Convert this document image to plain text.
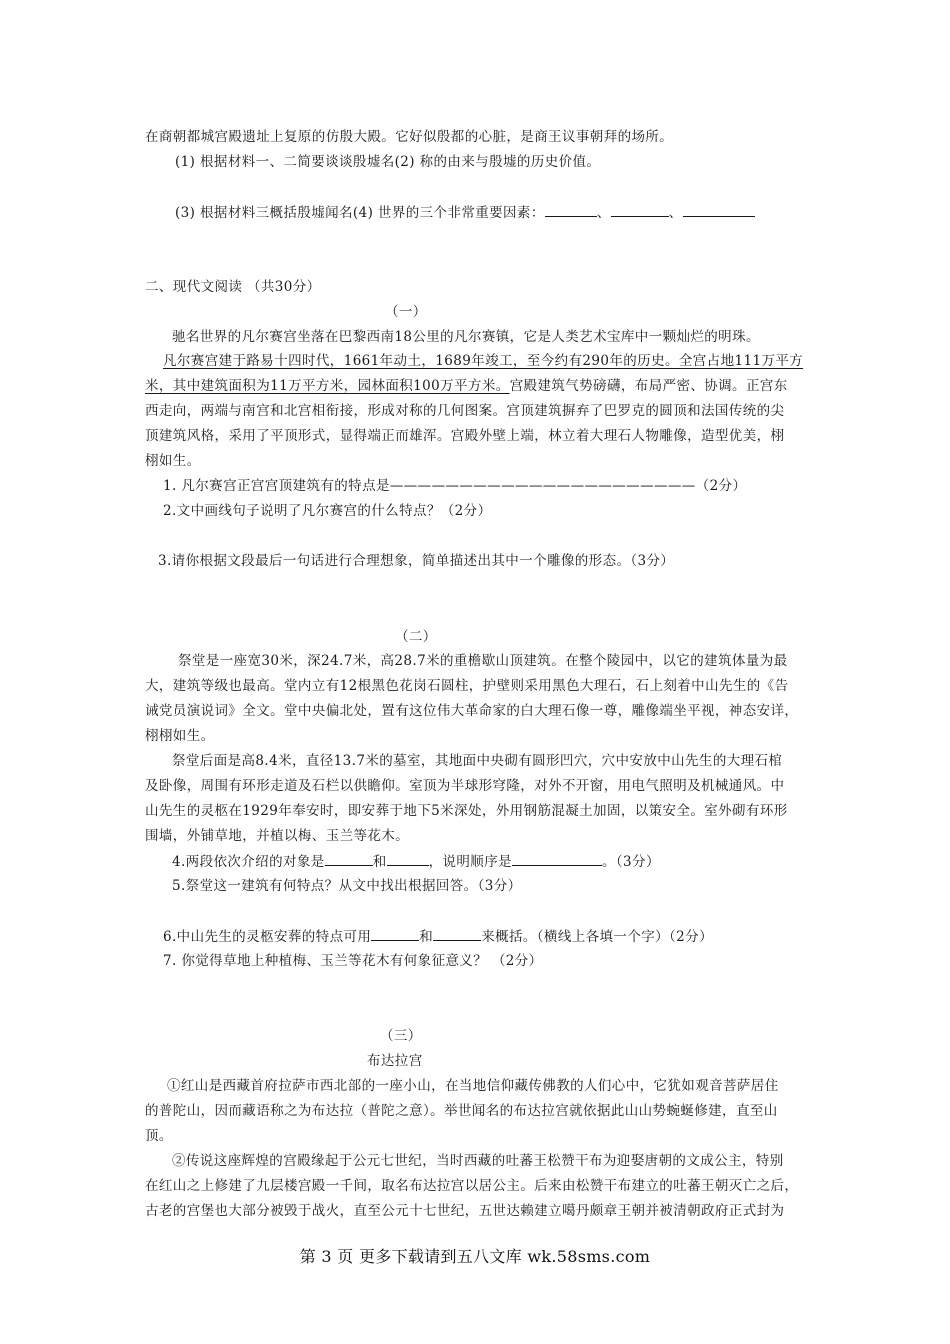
在商朝都城宫殿遗址上复原的仿殷大殿。它好似殷都的心脏，是商王议事朝拜的场所。
(1) 根据材料一、二简要谈谈殷墟名(2) 称的由来与殷墟的历史价值。
(3) 根据材料三概括殷墟闻名(4) 世界的三个非常重要因素：	、	、
二、现代文阅读 （共30分）
（一）
驰名世界的凡尔赛宫坐落在巴黎西南18公里的凡尔赛镇，它是人类艺术宝库中一颗灿烂的明珠。
凡尔赛宫建于路易十四时代，1661年动土，1689年竣工，至今约有290年的历史。全宫占地111万平方
米，其中建筑面积为11万平方米，园林面积100万平方米。宫殿建筑气势磅礴，布局严密、协调。正宫东
西走向，两端与南宫和北宫相衔接，形成对称的几何图案。宫顶建筑摒弃了巴罗克的圆顶和法国传统的尖
顶建筑风格，采用了平顶形式，显得端正而雄浑。宫殿外壁上端，林立着大理石人物雕像，造型优美，栩
栩如生。
1. 凡尔赛宫正宫宫顶建筑有的特点是——————————————————————（2分）
2.文中画线句子说明了凡尔赛宫的什么特点？（2分）
3.请你根据文段最后一句话进行合理想象，简单描述出其中一个雕像的形态。（3分）
（二）
祭堂是一座宽30米，深24.7米，高28.7米的重檐歇山顶建筑。在整个陵园中，以它的建筑体量为最
大，建筑等级也最高。堂内立有12根黑色花岗石圆柱，护壁则采用黑色大理石，石上刻着中山先生的《告
诫党员演说词》全文。堂中央偏北处，置有这位伟大革命家的白大理石像一尊，雕像端坐平视，神态安详，
栩栩如生。
祭堂后面是高8.4米，直径13.7米的墓室，其地面中央砌有圆形凹穴，穴中安放中山先生的大理石棺
及卧像，周围有环形走道及石栏以供瞻仰。室顶为半球形穹隆，对外不开窗，用电气照明及机械通风。中
山先生的灵柩在1929年奉安时，即安葬于地下5米深处，外用钢筋混凝土加固，以策安全。室外砌有环形
围墙，外铺草地，并植以梅、玉兰等花木。
4.两段依次介绍的对象是	和	，说明顺序是	。（3分）
5.祭堂这一建筑有何特点？从文中找出根据回答。（3分）
6.中山先生的灵柩安葬的特点可用	和	来概括。（横线上各填一个字）（2分）
7. 你觉得草地上种植梅、玉兰等花木有何象征意义？ （2分）
（三）
布达拉宫
①红山是西藏首府拉萨市西北部的一座小山，在当地信仰藏传佛教的人们心中，它犹如观音菩萨居住
的普陀山，因而藏语称之为布达拉（普陀之意）。举世闻名的布达拉宫就依据此山山势蜿蜒修建，直至山
顶。
②传说这座辉煌的宫殿缘起于公元七世纪，当时西藏的吐蕃王松赞干布为迎娶唐朝的文成公主，特别
在红山之上修建了九层楼宫殿一千间，取名布达拉宫以居公主。后来由松赞干布建立的吐蕃王朝灭亡之后，
古老的宫堡也大部分被毁于战火，直至公元十七世纪，五世达赖建立噶丹颇章王朝并被清朝政府正式封为
第 3 页 更多下载请到五八文库 wk.58sms.com
